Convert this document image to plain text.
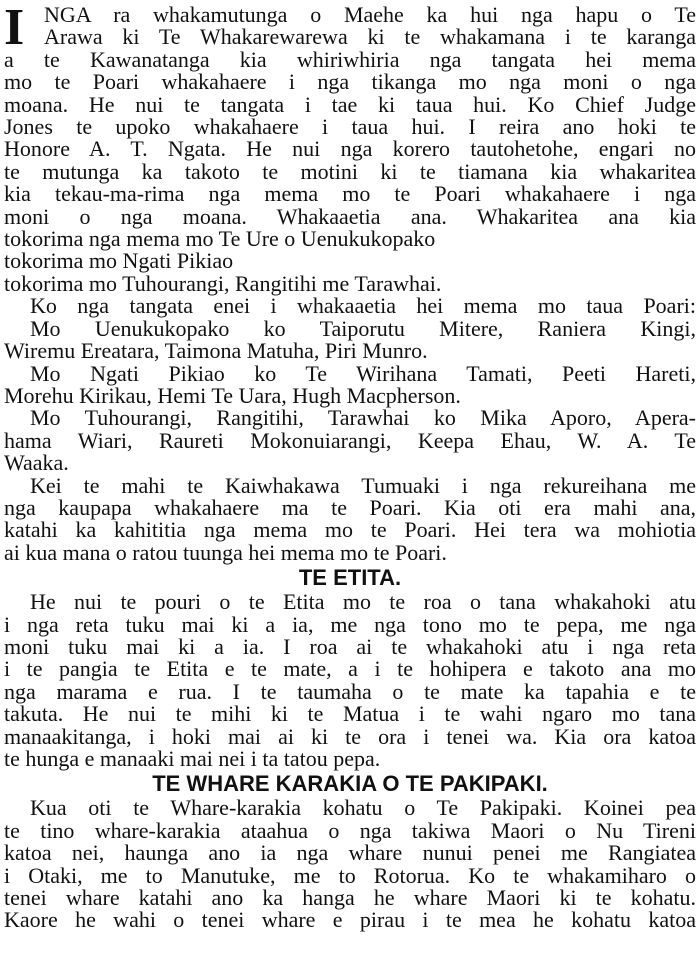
I NGA ra whakamutunga o Maehe ka hui nga hapu o Te
Arawa ki Te Whakarewarewa ki te whakamana i te karanga
a te Kawanatanga kia whiriwhiria nga tangata hei mema
mo te Poari whakahaere i nga tikanga mo nga moni o nga
moana. He nui te tangata i tae ki taua hui. Ko Chief Judge
Jones te upoko whakahaere i taua hui. I reira ano hoki te
Honore A. T. Ngata. He nui nga korero tautohetohe, engari no
te mutunga ka takoto te motini ki te tiamana kia whakaritea
kia tekau-ma-rima nga mema mo te Poari whakahaere i nga
moni o nga moana. Whakaaetia ana. Whakaritea ana kia
tokorima nga mema mo Te Ure o Uenukukopako
tokorima mo Ngati Pikiao
tokorima mo Tuhourangi, Rangitihi me Tarawhai.
Ko nga tangata enei i whakaaetia hei mema mo taua Poari:
Mo Uenukukopako ko Taiporutu Mitere, Raniera Kingi,
Wiremu Ereatara, Taimona Matuha, Piri Munro.
Mo Ngati Pikiao ko Te Wirihana Tamati, Peeti Hareti,
Morehu Kirikau, Hemi Te Uara, Hugh Macpherson.
Mo Tuhourangi, Rangitihi, Tarawhai ko Mika Aporo, Apera-
hama Wiari, Raureti Mokonuiarangi, Keepa Ehau, W. A. Te
Waaka.
Kei te mahi te Kaiwhakawa Tumuaki i nga rekureihana me
nga kaupapa whakahaere ma te Poari. Kia oti era mahi ana,
katahi ka kahititia nga mema mo te Poari. Hei tera wa mohiotia
ai kua mana o ratou tuunga hei mema mo te Poari.
TE ETITA.
He nui te pouri o te Etita mo te roa o tana whakahoki atu
i nga reta tuku mai ki a ia, me nga tono mo te pepa, me nga
moni tuku mai ki a ia. I roa ai te whakahoki atu i nga reta
i te pangia te Etita e te mate, a i te hohipera e takoto ana mo
nga marama e rua. I te taumaha o te mate ka tapahia e te
takuta. He nui te mihi ki te Matua i te wahi ngaro mo tana
manaakitanga, i hoki mai ai ki te ora i tenei wa. Kia ora katoa
te hunga e manaaki mai nei i ta tatou pepa.
TE WHARE KARAKIA O TE PAKIPAKI.
Kua oti te Whare-karakia kohatu o Te Pakipaki. Koinei pea
te tino whare-karakia ataahua o nga takiwa Maori o Nu Tireni
katoa nei, haunga ano ia nga whare nunui penei me Rangiatea
i Otaki, me to Manutuke, me to Rotorua. Ko te whakamiharo o
tenei whare katahi ano ka hanga he whare Maori ki te kohatu.
Kaore he wahi o tenei whare e pirau i te mea he kohatu katoa
